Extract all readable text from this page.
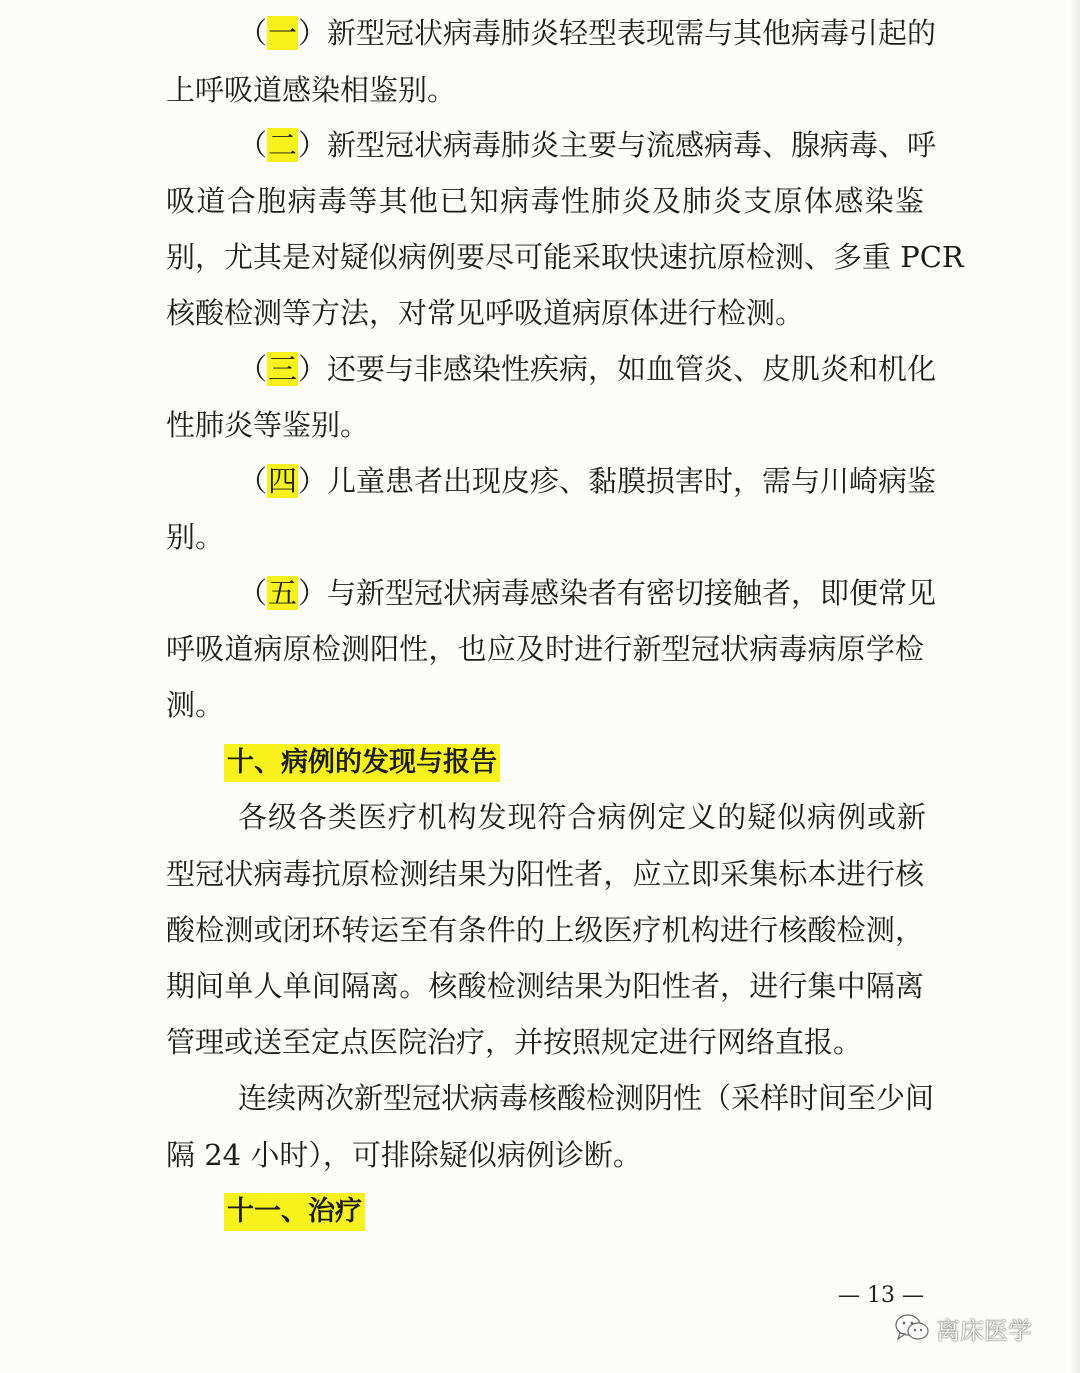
（一）新型冠状病毒肺炎轻型表现需与其他病毒引起的
上呼吸道感染相鉴别。
（二）新型冠状病毒肺炎主要与流感病毒、腺病毒、呼
吸道合胞病毒等其他已知病毒性肺炎及肺炎支原体感染鉴
别，尤其是对疑似病例要尽可能采取快速抗原检测、多重 PCR
核酸检测等方法，对常见呼吸道病原体进行检测。
（三）还要与非感染性疾病，如血管炎、皮肌炎和机化
性肺炎等鉴别。
（四）儿童患者出现皮疹、黏膜损害时，需与川崎病鉴
别。
（五）与新型冠状病毒感染者有密切接触者，即便常见
呼吸道病原检测阳性，也应及时进行新型冠状病毒病原学检
测。
十、病例的发现与报告
各级各类医疗机构发现符合病例定义的疑似病例或新
型冠状病毒抗原检测结果为阳性者，应立即采集标本进行核
酸检测或闭环转运至有条件的上级医疗机构进行核酸检测，
期间单人单间隔离。核酸检测结果为阳性者，进行集中隔离
管理或送至定点医院治疗，并按照规定进行网络直报。
连续两次新型冠状病毒核酸检测阴性（采样时间至少间
隔 24 小时），可排除疑似病例诊断。
十一、治疗
— 13 —
离床医学
